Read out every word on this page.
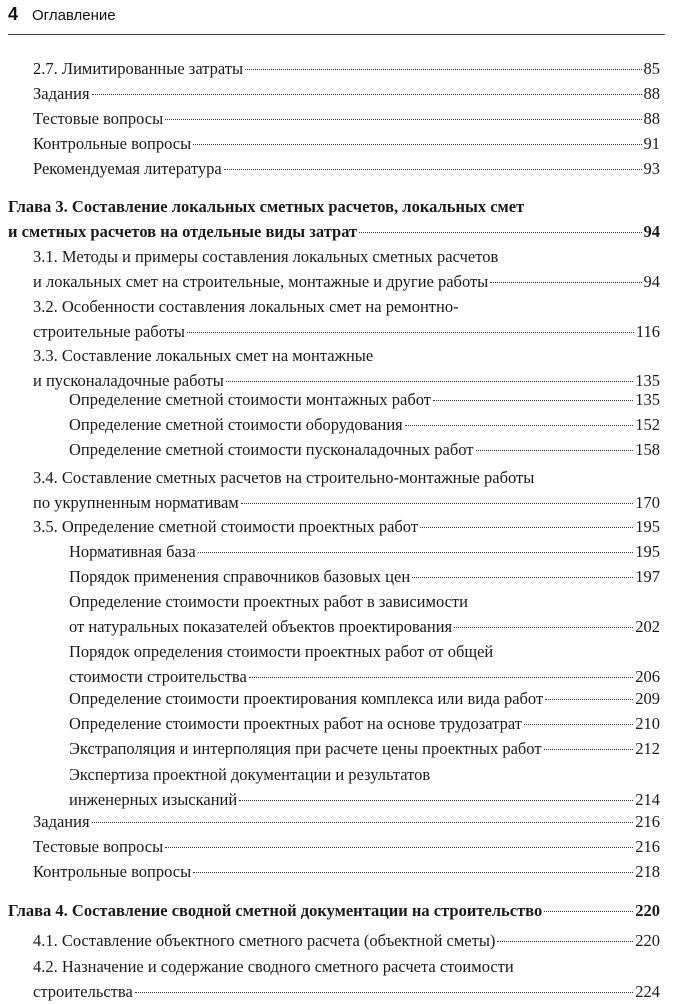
4 Оглавление
2.7. Лимитированные затраты	85
Задания	88
Тестовые вопросы	88
Контрольные вопросы	91
Рекомендуемая литература	93
Глава 3. Составление локальных сметных расчетов, локальных смет
и сметных расчетов на отдельные виды затрат	94
3.1. Методы и примеры составления локальных сметных расчетов
и локальных смет на строительные, монтажные и другие работы	94
3.2. Особенности составления локальных смет на ремонтно-
строительные работы	116
3.3. Составление локальных смет на монтажные
и пусконаладочные работы	135
Определение сметной стоимости монтажных работ	135
Определение сметной стоимости оборудования	152
Определение сметной стоимости пусконаладочных работ	158
3.4. Составление сметных расчетов на строительно-монтажные работы
по укрупненным нормативам	170
3.5. Определение сметной стоимости проектных работ	195
Нормативная база	195
Порядок применения справочников базовых цен	197
Определение стоимости проектных работ в зависимости
от натуральных показателей объектов проектирования	202
Порядок определения стоимости проектных работ от общей
стоимости строительства	206
Определение стоимости проектирования комплекса или вида работ	209
Определение стоимости проектных работ на основе трудозатрат	210
Экстраполяция и интерполяция при расчете цены проектных работ	212
Экспертиза проектной документации и результатов
инженерных изысканий	214
Задания	216
Тестовые вопросы	216
Контрольные вопросы	218
Глава 4. Составление сводной сметной документации на строительство	220
4.1. Составление объектного сметного расчета (объектной сметы)	220
4.2. Назначение и содержание сводного сметного расчета стоимости
строительства	224
